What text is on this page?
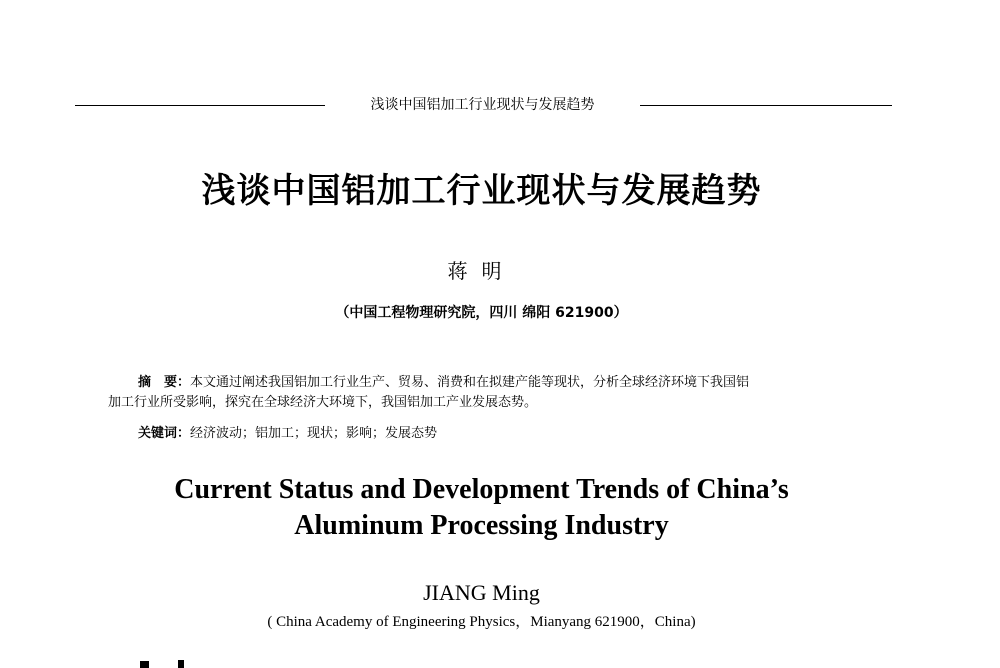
浅谈中国铝加工行业现状与发展趋势
浅谈中国铝加工行业现状与发展趋势
蒋明
（中国工程物理研究院，四川 绵阳 621900）
摘　要：本文通过阐述我国铝加工行业生产、贸易、消费和在拟建产能等现状，分析全球经济环境下我国铝
加工行业所受影响，探究在全球经济大环境下，我国铝加工产业发展态势。
关键词：经济波动；铝加工；现状；影响；发展态势
Current Status and Development Trends of China’s
Aluminum Processing Industry
JIANG Ming
( China Academy of Engineering Physics，Mianyang 621900，China)
